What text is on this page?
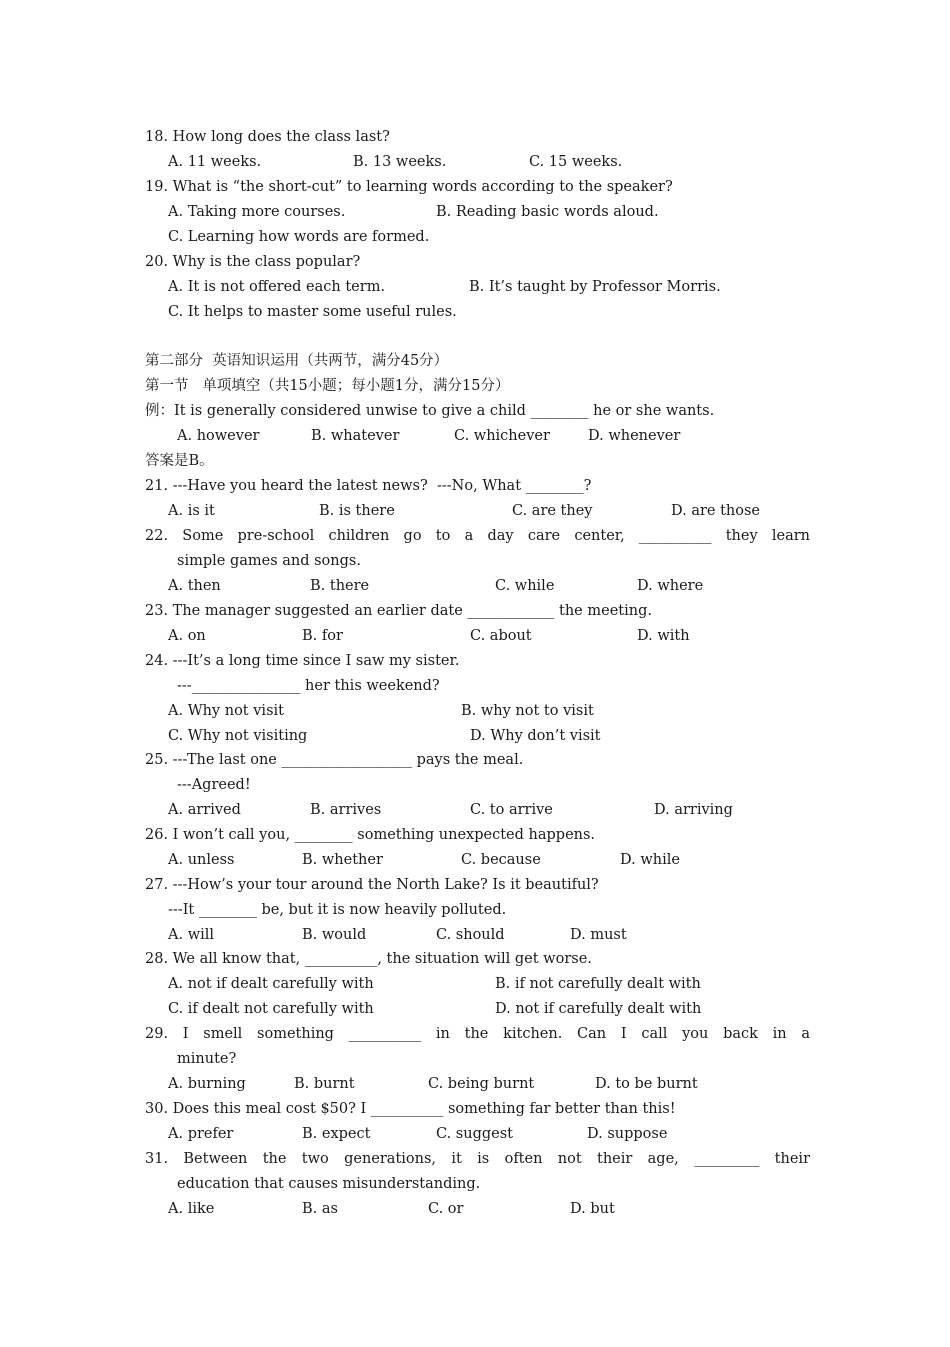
18. How long does the class last?

A. 11 weeks.

	B. 13 weeks.

	C. 15 weeks.

19. What is “the short-cut” to learning words according to the speaker?

A. Taking more courses.

	B. Reading basic words aloud.

C. Learning how words are formed.
20. Why is the class popular?

A. It is not offered each term.

	B. It’s taught by Professor Morris.

C. It helps to master some useful rules.
第二部分  英语知识运用（共两节，满分45分）
第一节   单项填空（共15小题；每小题1分，满分15分）
例：It is generally considered unwise to give a child ________ he or she wants.

A. however

	B. whatever

	C. whichever

	D. whenever

答案是B。
21. ---Have you heard the latest news?  ---No, What ________?

A. is it

	B. is there

	C. are they

	D. are those

22. Some pre-school children go to a day care center, __________ they learn
simple games and songs.

A. then

	B. there

	C. while

	D. where

23. The manager suggested an earlier date ____________ the meeting.

A. on

	B. for

	C. about

	D. with

24. ---It’s a long time since I saw my sister.
---_______________ her this weekend?

A. Why not visit

	B. why not to visit

C. Why not visiting

	D. Why don’t visit

25. ---The last one __________________ pays the meal.
---Agreed!

A. arrived

	B. arrives

	C. to arrive

	D. arriving

26. I won’t call you, ________ something unexpected happens.

A. unless

	B. whether

	C. because

	D. while

27. ---How’s your tour around the North Lake? Is it beautiful?
---It ________ be, but it is now heavily polluted.

A. will

	B. would

	C. should

	D. must

28. We all know that, __________, the situation will get worse.

A. not if dealt carefully with

	B. if not carefully dealt with

C. if dealt not carefully with

	D. not if carefully dealt with

29. I smell something __________ in the kitchen. Can I call you back in a
minute?

A. burning

	B. burnt

	C. being burnt

	D. to be burnt

30. Does this meal cost $50? I __________ something far better than this!

A. prefer

	B. expect

	C. suggest

	D. suppose

31. Between the two generations, it is often not their age, _________ their
education that causes misunderstanding.

A. like

	B. as

	C. or

	D. but
